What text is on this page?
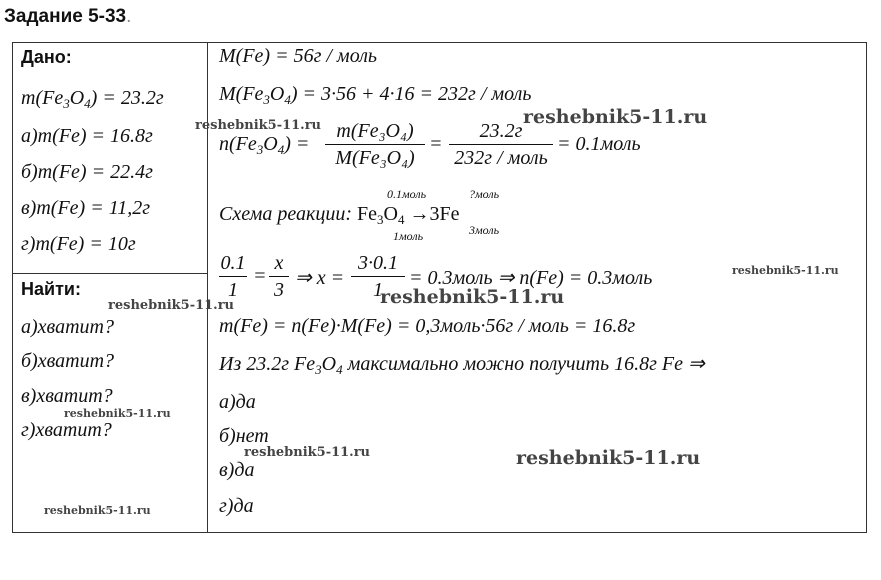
Задание 5-33.
Дано:
$m(Fe_3O_4) = 23.2г$
а)m(Fe) = 16.8г
б)m(Fe) = 22.4г
в)m(Fe) = 11,2г
г)m(Fe) = 10г
Найти:
а)хватит?
б)хватит?
в)хватит?
г)хватит?
M(Fe) = 56г / моль
$M(Fe_3O_4) = 3\cdot 56 + 4\cdot 16 = 232г$ / моль
$n(Fe_3O_4)$ =
m(Fe₃O₄)
M(Fe₃O₄)
=
23.2г
232г / моль
= 0.1моль
0.1моль	?моль
Схема реакции: $Fe_3O_4 \to 3Fe$
1моль	3моль
0.1
1
=
x
3
⇒ x =
3·0.1
1
= 0.3моль ⇒ n(Fe) = 0.3моль
m(Fe) = n(Fe)·M(Fe) = 0,3моль·56г / моль = 16.8г
Из 23.2г $Fe_3O_4$ максимально можно получить 16.8г Fe ⇒
а)да
б)нет
в)да
г)да
reshebnik5-11.ru	reshebnik5-11.ru
reshebnik5-11.ru
reshebnik5-11.ru
reshebnik5-11.ru
reshebnik5-11.ru
reshebnik5-11.ru	reshebnik5-11.ru
reshebnik5-11.ru
